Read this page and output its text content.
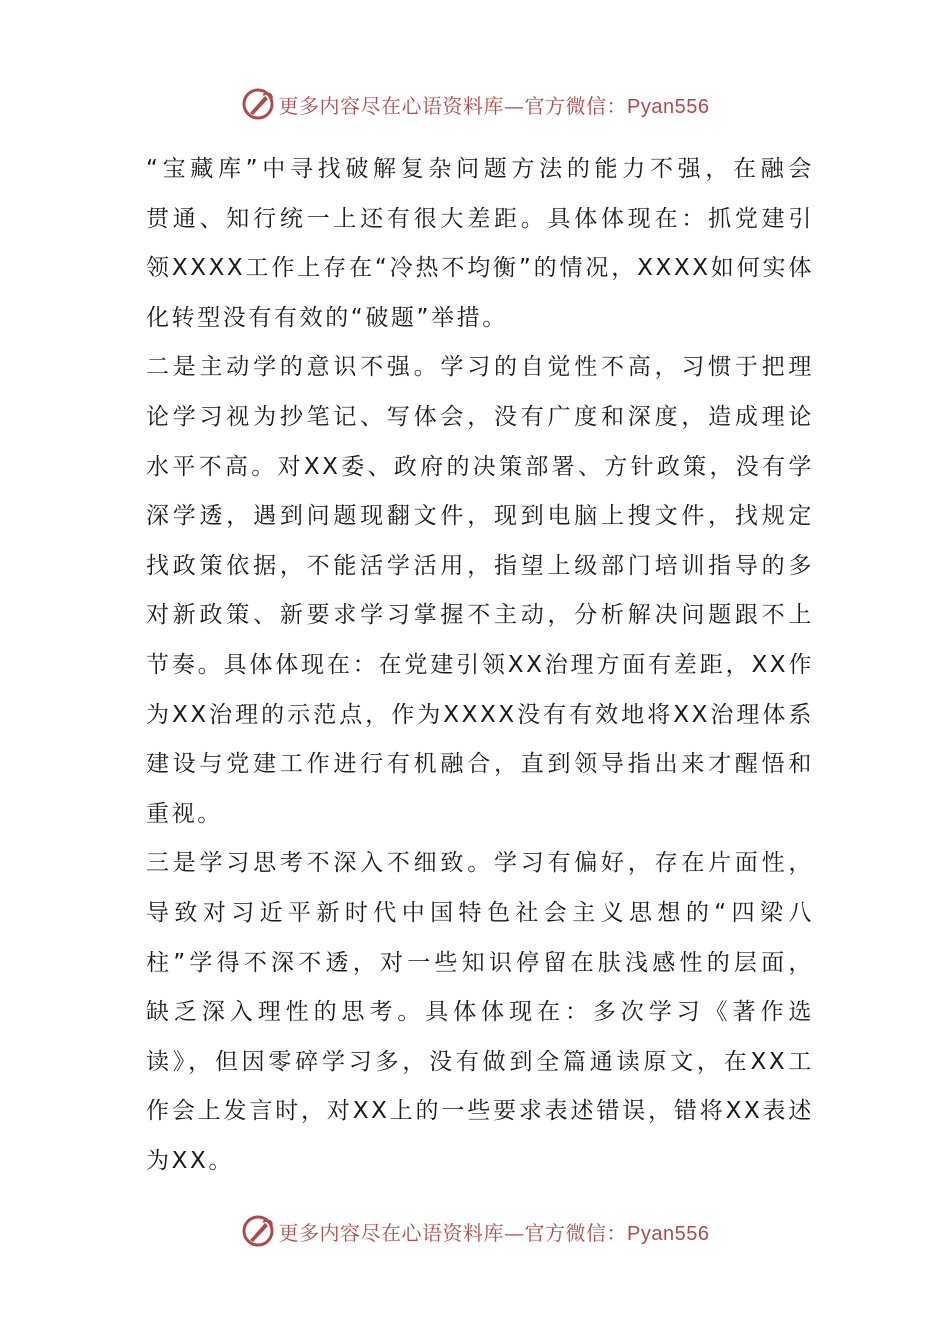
更多内容尽在心语资料库—官方微信：Pyan556
“宝藏库”中寻找破解复杂问题方法的能力不强，在融会
贯通、知行统一上还有很大差距。具体体现在：抓党建引
领XXXX工作上存在“冷热不均衡”的情况，XXXX如何实体
化转型没有有效的“破题”举措。
二是主动学的意识不强。学习的自觉性不高，习惯于把理
论学习视为抄笔记、写体会，没有广度和深度，造成理论
水平不高。对XX委、政府的决策部署、方针政策，没有学
深学透，遇到问题现翻文件，现到电脑上搜文件，找规定
找政策依据，不能活学活用，指望上级部门培训指导的多
对新政策、新要求学习掌握不主动，分析解决问题跟不上
节奏。具体体现在：在党建引领XX治理方面有差距，XX作
为XX治理的示范点，作为XXXX没有有效地将XX治理体系
建设与党建工作进行有机融合，直到领导指出来才醒悟和
重视。
三是学习思考不深入不细致。学习有偏好，存在片面性，
导致对习近平新时代中国特色社会主义思想的“四梁八
柱”学得不深不透，对一些知识停留在肤浅感性的层面，
缺乏深入理性的思考。具体体现在：多次学习《著作选
读》，但因零碎学习多，没有做到全篇通读原文，在XX工
作会上发言时，对XX上的一些要求表述错误，错将XX表述
为XX。
更多内容尽在心语资料库—官方微信：Pyan556
